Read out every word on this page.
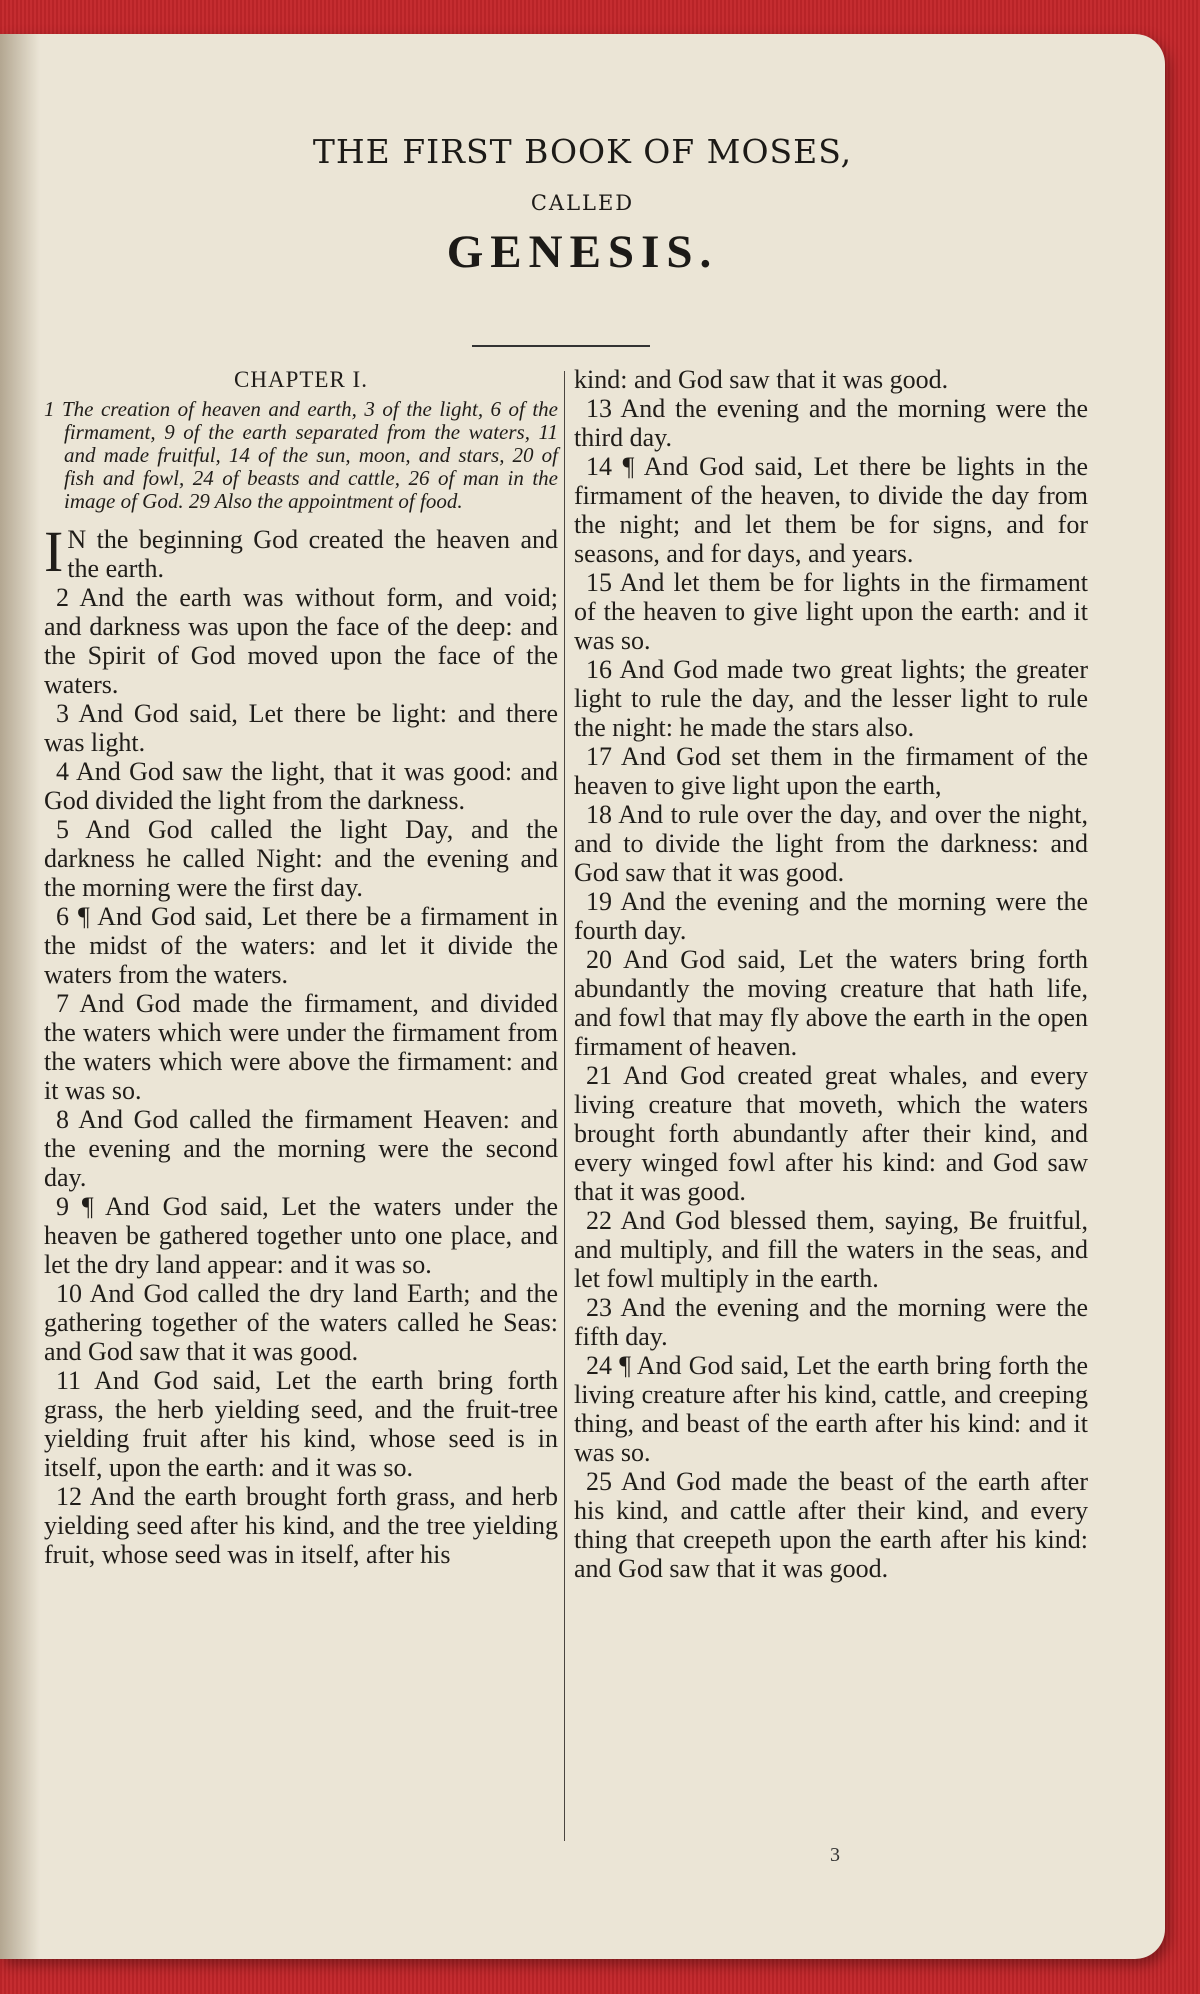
THE FIRST BOOK OF MOSES,
CALLED
GENESIS.
CHAPTER I.

1 The creation of heaven and earth, 3 of the light, 6 of the firmament, 9 of the earth separated from the waters, 11 and made fruitful, 14 of the sun, moon, and stars, 20 of fish and fowl, 24 of beasts and cattle, 26 of man in the image of God. 29 Also the appointment of food.

I N the beginning God created the heaven and the earth.

2 And the earth was without form, and void; and darkness was upon the face of the deep: and the Spirit of God moved upon the face of the waters.

3 And God said, Let there be light: and there was light.

4 And God saw the light, that it was good: and God divided the light from the darkness.

5 And God called the light Day, and the darkness he called Night: and the evening and the morning were the first day.

6 ¶ And God said, Let there be a firmament in the midst of the waters: and let it divide the waters from the waters.

7 And God made the firmament, and divided the waters which were under the firmament from the waters which were above the firmament: and it was so.

8 And God called the firmament Heaven: and the evening and the morning were the second day.

9 ¶ And God said, Let the waters under the heaven be gathered together unto one place, and let the dry land appear: and it was so.

10 And God called the dry land Earth; and the gathering together of the waters called he Seas: and God saw that it was good.

11 And God said, Let the earth bring forth grass, the herb yielding seed, and the fruit-tree yielding fruit after his kind, whose seed is in itself, upon the earth: and it was so.

12 And the earth brought forth grass, and herb yielding seed after his kind, and the tree yielding fruit, whose seed was in itself, after his

kind: and God saw that it was good.

13 And the evening and the morning were the third day.

14 ¶ And God said, Let there be lights in the firmament of the heaven, to divide the day from the night; and let them be for signs, and for seasons, and for days, and years.

15 And let them be for lights in the firmament of the heaven to give light upon the earth: and it was so.

16 And God made two great lights; the greater light to rule the day, and the lesser light to rule the night: he made the stars also.

17 And God set them in the firmament of the heaven to give light upon the earth,

18 And to rule over the day, and over the night, and to divide the light from the darkness: and God saw that it was good.

19 And the evening and the morning were the fourth day.

20 And God said, Let the waters bring forth abundantly the moving creature that hath life, and fowl that may fly above the earth in the open firmament of heaven.

21 And God created great whales, and every living creature that moveth, which the waters brought forth abundantly after their kind, and every winged fowl after his kind: and God saw that it was good.

22 And God blessed them, saying, Be fruitful, and multiply, and fill the waters in the seas, and let fowl multiply in the earth.

23 And the evening and the morning were the fifth day.

24 ¶ And God said, Let the earth bring forth the living creature after his kind, cattle, and creeping thing, and beast of the earth after his kind: and it was so.

25 And God made the beast of the earth after his kind, and cattle after their kind, and every thing that creepeth upon the earth after his kind: and God saw that it was good.

3
